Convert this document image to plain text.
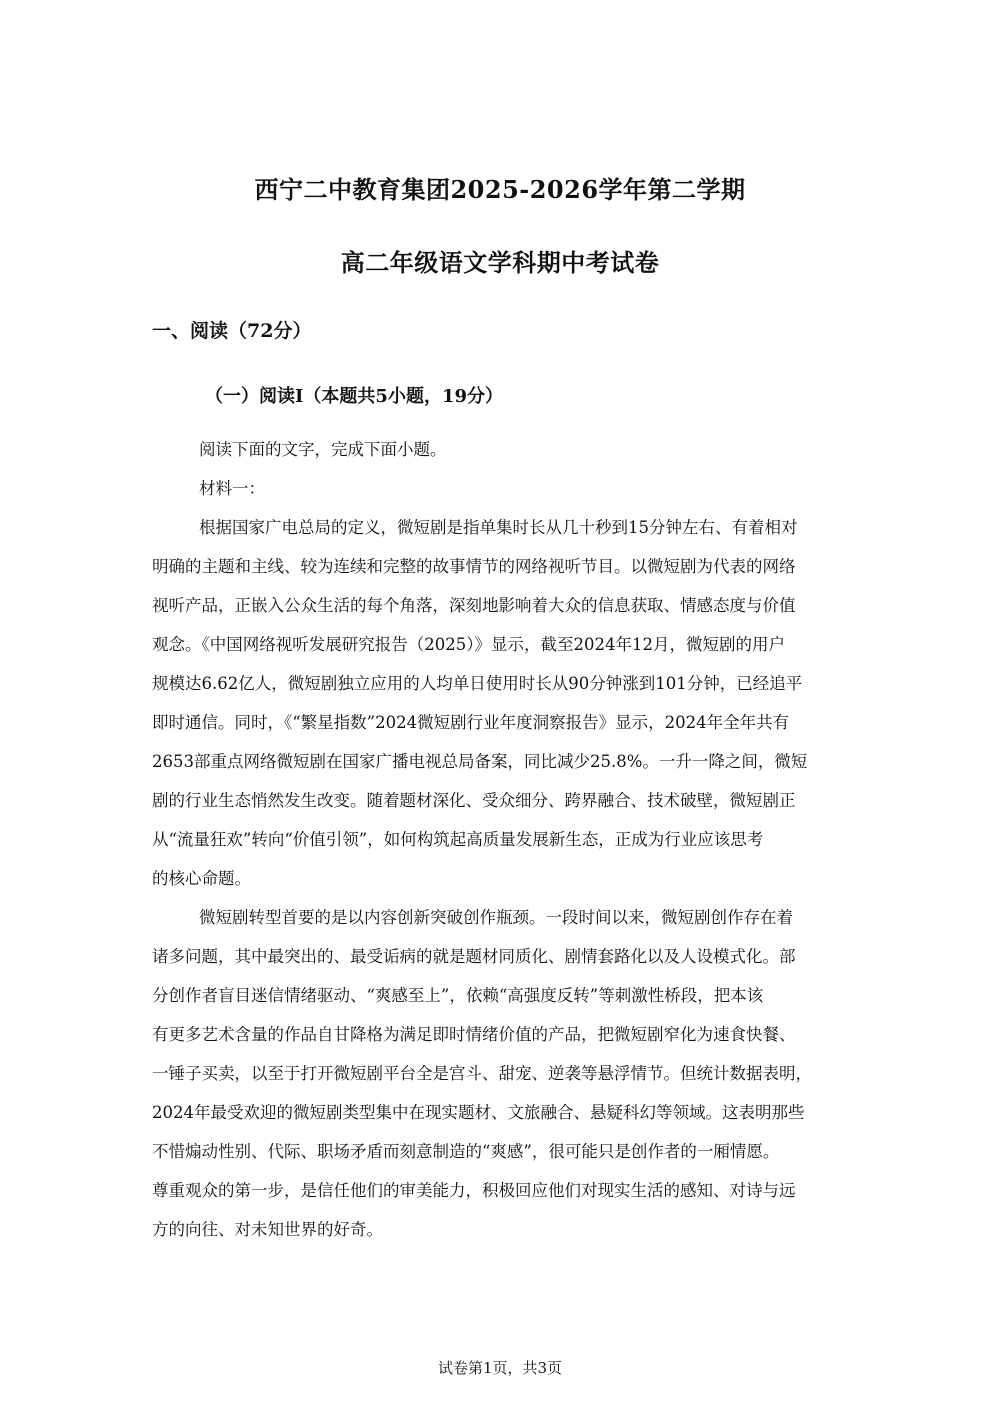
西宁二中教育集团2025-2026学年第二学期
高二年级语文学科期中考试卷
一、阅读（72分）
（一）阅读I（本题共5小题，19分）
阅读下面的文字，完成下面小题。
材料一：
根据国家广电总局的定义，微短剧是指单集时长从几十秒到15分钟左右、有着相对
明确的主题和主线、较为连续和完整的故事情节的网络视听节目。以微短剧为代表的网络
视听产品，正嵌入公众生活的每个角落，深刻地影响着大众的信息获取、情感态度与价值
观念。《中国网络视听发展研究报告（2025）》显示，截至2024年12月，微短剧的用户
规模达6.62亿人，微短剧独立应用的人均单日使用时长从90分钟涨到101分钟，已经追平
即时通信。同时，《“繁星指数”2024微短剧行业年度洞察报告》显示，2024年全年共有
2653部重点网络微短剧在国家广播电视总局备案，同比减少25.8%。一升一降之间，微短
剧的行业生态悄然发生改变。随着题材深化、受众细分、跨界融合、技术破壁，微短剧正
从“流量狂欢”转向“价值引领”，如何构筑起高质量发展新生态，正成为行业应该思考
的核心命题。
微短剧转型首要的是以内容创新突破创作瓶颈。一段时间以来，微短剧创作存在着
诸多问题，其中最突出的、最受诟病的就是题材同质化、剧情套路化以及人设模式化。部
分创作者盲目迷信情绪驱动、“爽感至上”，依赖“高强度反转”等刺激性桥段，把本该
有更多艺术含量的作品自甘降格为满足即时情绪价值的产品，把微短剧窄化为速食快餐、
一锤子买卖，以至于打开微短剧平台全是宫斗、甜宠、逆袭等悬浮情节。但统计数据表明，
2024年最受欢迎的微短剧类型集中在现实题材、文旅融合、悬疑科幻等领域。这表明那些
不惜煽动性别、代际、职场矛盾而刻意制造的“爽感”，很可能只是创作者的一厢情愿。
尊重观众的第一步，是信任他们的审美能力，积极回应他们对现实生活的感知、对诗与远
方的向往、对未知世界的好奇。
试卷第1页，共3页
